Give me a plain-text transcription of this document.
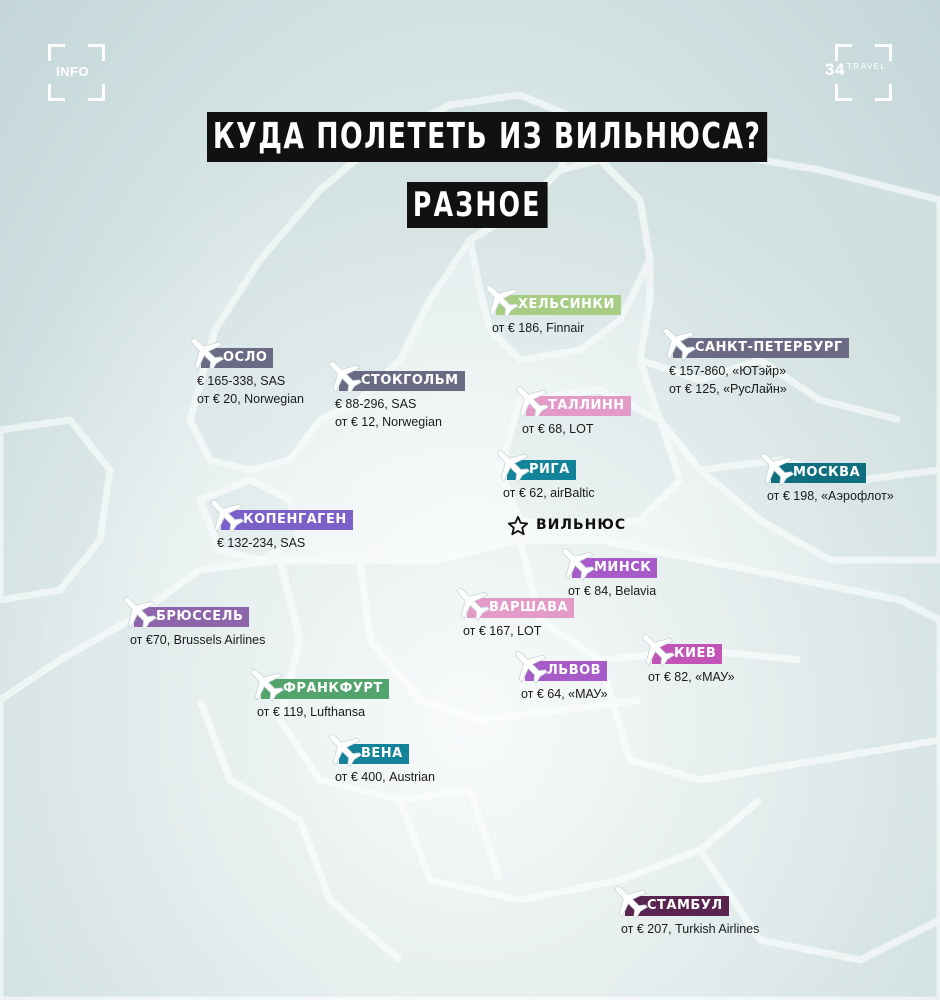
INFO	34 $^{TRAVEL}$
КУДА ПОЛЕТЕТЬ ИЗ ВИЛЬНЮСА?
РАЗНОЕ
ХЕЛЬСИНКИ
от € 186, Finnair
ОСЛО
€ 165-338, SAS
от € 20, Norwegian
СТОКГОЛЬМ
€ 88-296, SAS
от € 12, Norwegian
САНКТ-ПЕТЕРБУРГ
€ 157-860, «ЮТэйр»
от € 125, «РусЛайн»
ТАЛЛИНН
от € 68, LOT
РИГА
от € 62, airBaltic
МОСКВА
от € 198, «Аэрофлот»
КОПЕНГАГЕН
€ 132-234, SAS
МИНСК
от € 84, Belavia
БРЮССЕЛЬ
от €70, Brussels Airlines
ВАРШАВА
от € 167, LOT
ЛЬВОВ
от € 64, «МАУ»
КИЕВ
от € 82, «МАУ»
ФРАНКФУРТ
от € 119, Lufthansa
ВЕНА
от € 400, Austrian
СТАМБУЛ
от € 207, Turkish Airlines
ВИЛЬНЮС
